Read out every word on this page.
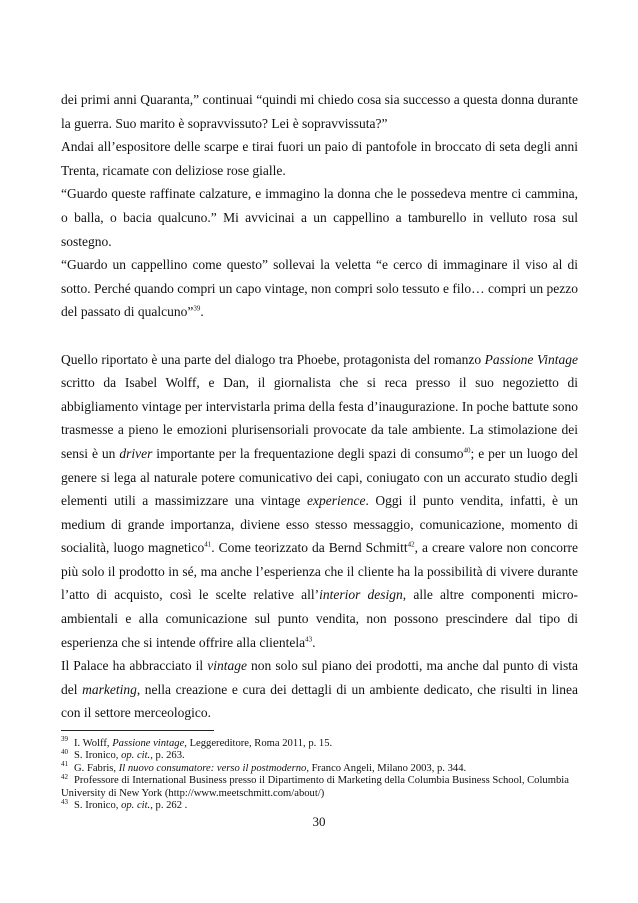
dei primi anni Quaranta,” continuai “quindi mi chiedo cosa sia successo a questa donna durante la guerra. Suo marito è sopravvissuto? Lei è sopravvissuta?”

Andai all’espositore delle scarpe e tirai fuori un paio di pantofole in broccato di seta degli anni Trenta, ricamate con deliziose rose gialle.

“Guardo queste raffinate calzature, e immagino la donna che le possedeva mentre ci cammina, o balla, o bacia qualcuno.” Mi avvicinai a un cappellino a tamburello in velluto rosa sul sostegno.

“Guardo un cappellino come questo” sollevai la veletta “e cerco di immaginare il viso al di sotto. Perché quando compri un capo vintage, non compri solo tessuto e filo… compri un pezzo del passato di qualcuno”$^{39}$.

Quello riportato è una parte del dialogo tra Phoebe, protagonista del romanzo Passione Vintage scritto da Isabel Wolff, e Dan, il giornalista che si reca presso il suo negozietto di abbigliamento vintage per intervistarla prima della festa d’inaugurazione. In poche battute sono trasmesse a pieno le emozioni plurisensoriali provocate da tale ambiente. La stimolazione dei sensi è un driver importante per la frequentazione degli spazi di consumo$^{40}$; e per un luogo del genere si lega al naturale potere comunicativo dei capi, coniugato con un accurato studio degli elementi utili a massimizzare una vintage experience. Oggi il punto vendita, infatti, è un medium di grande importanza, diviene esso stesso messaggio, comunicazione, momento di socialità, luogo magnetico$^{41}$. Come teorizzato da Bernd Schmitt$^{42}$, a creare valore non concorre più solo il prodotto in sé, ma anche l’esperienza che il cliente ha la possibilità di vivere durante l’atto di acquisto, così le scelte relative all’interior design, alle altre componenti micro-ambientali e alla comunicazione sul punto vendita, non possono prescindere dal tipo di esperienza che si intende offrire alla clientela$^{43}$.

Il Palace ha abbracciato il vintage non solo sul piano dei prodotti, ma anche dal punto di vista del marketing, nella creazione e cura dei dettagli di un ambiente dedicato, che risulti in linea con il settore merceologico.

$^{39}$ I. Wolff, Passione vintage, Leggereditore, Roma 2011, p. 15.
$^{40}$ S. Ironico, op. cit., p. 263.
$^{41}$ G. Fabris, Il nuovo consumatore: verso il postmoderno, Franco Angeli, Milano 2003, p. 344.
$^{42}$ Professore di International Business presso il Dipartimento di Marketing della Columbia Business School, Columbia University di New York (http://www.meetschmitt.com/about/)
$^{43}$ S. Ironico, op. cit., p. 262 .
30
